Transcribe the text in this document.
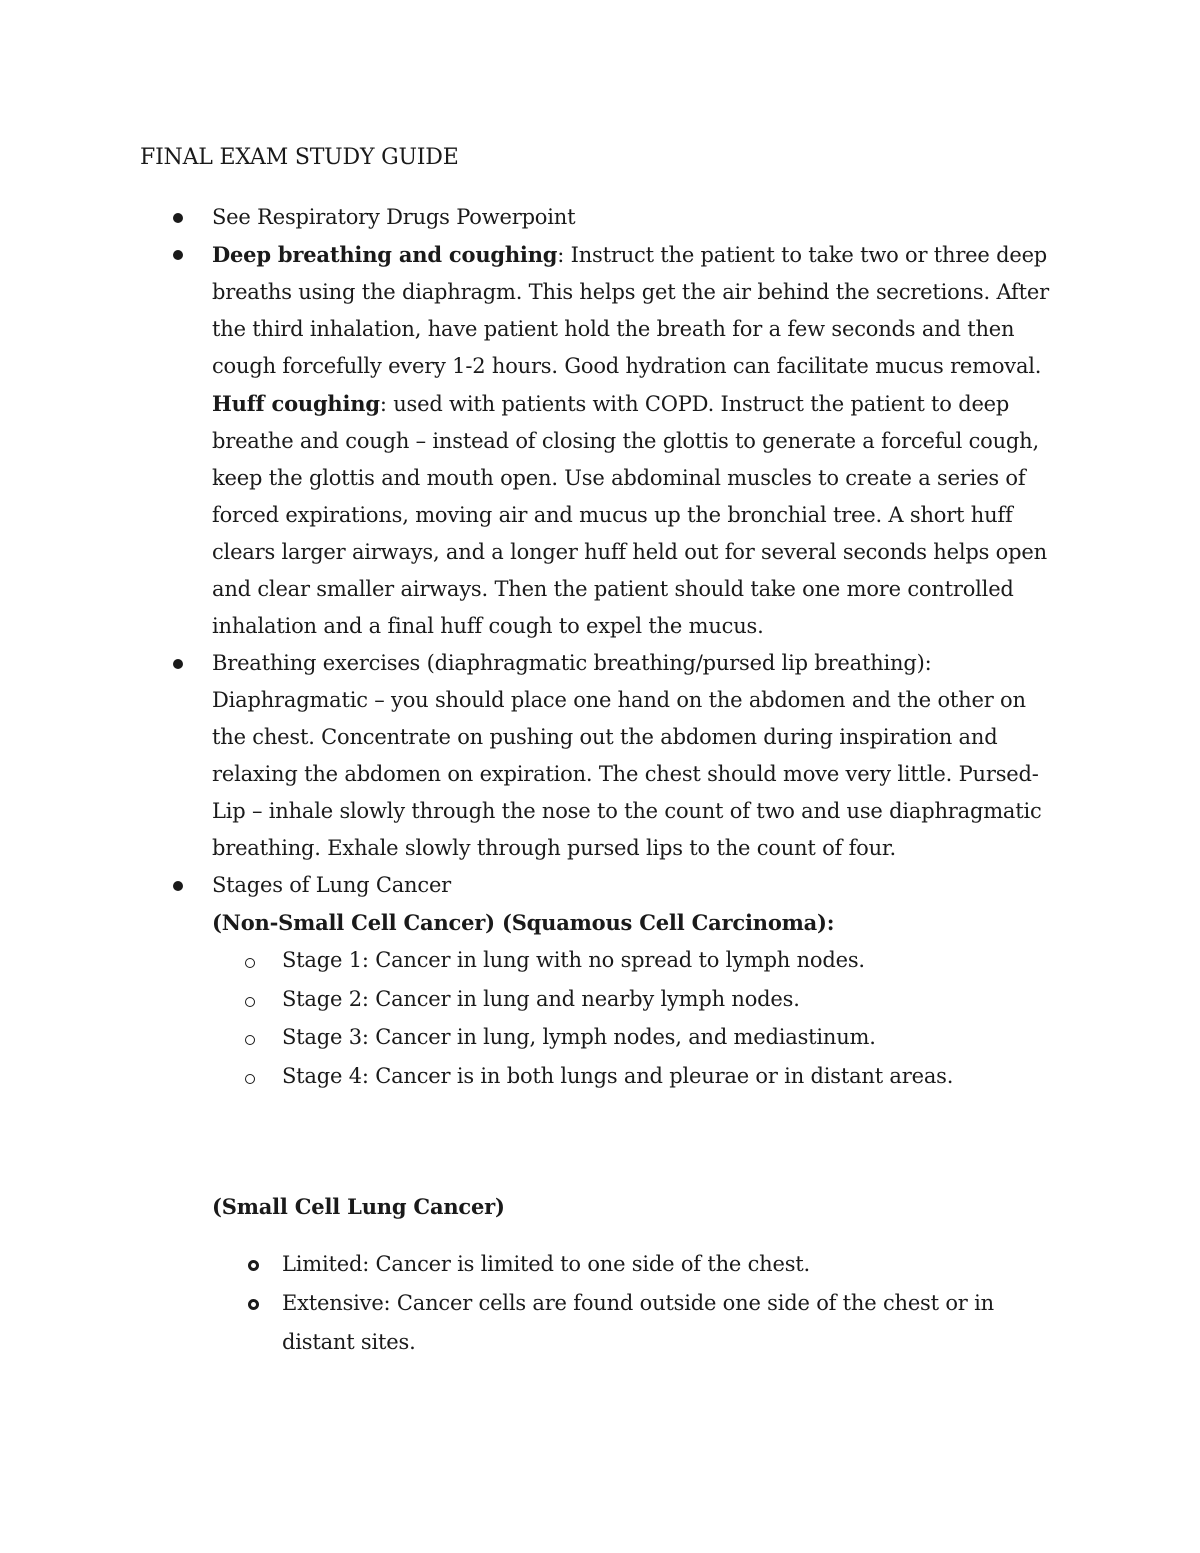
FINAL EXAM STUDY GUIDE
See Respiratory Drugs Powerpoint
Deep breathing and coughing: Instruct the patient to take two or three deep breaths using the diaphragm. This helps get the air behind the secretions. After the third inhalation, have patient hold the breath for a few seconds and then cough forcefully every 1-2 hours. Good hydration can facilitate mucus removal. Huff coughing: used with patients with COPD. Instruct the patient to deep breathe and cough – instead of closing the glottis to generate a forceful cough, keep the glottis and mouth open. Use abdominal muscles to create a series of forced expirations, moving air and mucus up the bronchial tree. A short huff clears larger airways, and a longer huff held out for several seconds helps open and clear smaller airways. Then the patient should take one more controlled inhalation and a final huff cough to expel the mucus.
Breathing exercises (diaphragmatic breathing/pursed lip breathing): Diaphragmatic – you should place one hand on the abdomen and the other on the chest. Concentrate on pushing out the abdomen during inspiration and relaxing the abdomen on expiration. The chest should move very little. Pursed-Lip – inhale slowly through the nose to the count of two and use diaphragmatic breathing. Exhale slowly through pursed lips to the count of four.
Stages of Lung Cancer
(Non-Small Cell Cancer) (Squamous Cell Carcinoma):
Stage 1: Cancer in lung with no spread to lymph nodes.
Stage 2: Cancer in lung and nearby lymph nodes.
Stage 3: Cancer in lung, lymph nodes, and mediastinum.
Stage 4: Cancer is in both lungs and pleurae or in distant areas.
(Small Cell Lung Cancer)
Limited: Cancer is limited to one side of the chest.
Extensive: Cancer cells are found outside one side of the chest or in distant sites.
